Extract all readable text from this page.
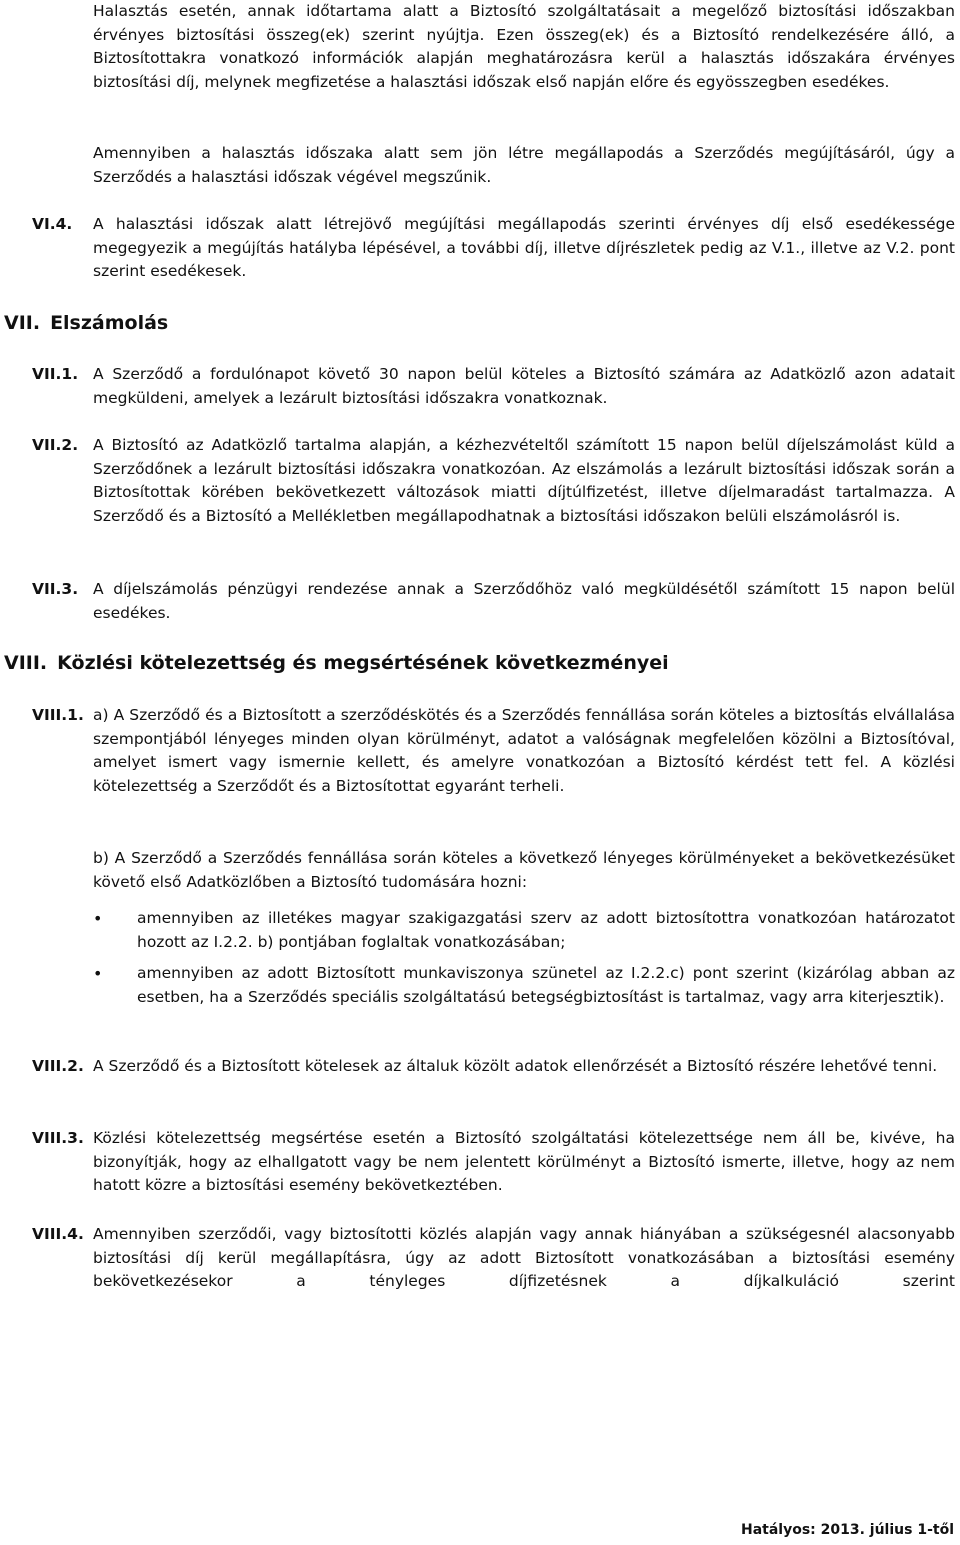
Halasztás esetén, annak időtartama alatt a Biztosító szolgáltatásait a megelőző biztosítási időszakban érvényes biztosítási összeg(ek) szerint nyújtja. Ezen összeg(ek) és a Biztosító rendelkezésére álló, a Biztosítottakra vonatkozó információk alapján meghatározásra kerül a halasztás időszakára érvényes biztosítási díj, melynek megfizetése a halasztási időszak első napján előre és egyösszegben esedékes.

Amennyiben a halasztás időszaka alatt sem jön létre megállapodás a Szerződés megújításáról, úgy a Szerződés a halasztási időszak végével megszűnik.

VI.4. A halasztási időszak alatt létrejövő megújítási megállapodás szerinti érvényes díj első esedékessége megegyezik a megújítás hatályba lépésével, a további díj, illetve díjrészletek pedig az V.1., illetve az V.2. pont szerint esedékesek.

VII. Elszámolás
VII.1. A Szerződő a fordulónapot követő 30 napon belül köteles a Biztosító számára az Adatközlő azon adatait megküldeni, amelyek a lezárult biztosítási időszakra vonatkoznak.

VII.2. A Biztosító az Adatközlő tartalma alapján, a kézhezvételtől számított 15 napon belül díjelszámolást küld a Szerződőnek a lezárult biztosítási időszakra vonatkozóan. Az elszámolás a lezárult biztosítási időszak során a Biztosítottak körében bekövetkezett változások miatti díjtúlfizetést, illetve díjelmaradást tartalmazza. A Szerződő és a Biztosító a Mellékletben megállapodhatnak a biztosítási időszakon belüli elszámolásról is.

VII.3. A díjelszámolás pénzügyi rendezése annak a Szerződőhöz való megküldésétől számított 15 napon belül esedékes.

VIII. Közlési kötelezettség és megsértésének következményei
VIII.1. a) A Szerződő és a Biztosított a szerződéskötés és a Szerződés fennállása során köteles a biztosítás elvállalása szempontjából lényeges minden olyan körülményt, adatot a valóságnak megfelelően közölni a Biztosítóval, amelyet ismert vagy ismernie kellett, és amelyre vonatkozóan a Biztosító kérdést tett fel. A közlési kötelezettség a Szerződőt és a Biztosítottat egyaránt terheli.

b) A Szerződő a Szerződés fennállása során köteles a következő lényeges körülményeket a bekövetkezésüket követő első Adatközlőben a Biztosító tudomására hozni:

• amennyiben az illetékes magyar szakigazgatási szerv az adott biztosítottra vonatkozóan határozatot hozott az I.2.2. b) pontjában foglaltak vonatkozásában;
• amennyiben az adott Biztosított munkaviszonya szünetel az I.2.2.c) pont szerint (kizárólag abban az esetben, ha a Szerződés speciális szolgáltatású betegségbiztosítást is tartalmaz, vagy arra kiterjesztik).
VIII.2. A Szerződő és a Biztosított kötelesek az általuk közölt adatok ellenőrzését a Biztosító részére lehetővé tenni.

VIII.3. Közlési kötelezettség megsértése esetén a Biztosító szolgáltatási kötelezettsége nem áll be, kivéve, ha bizonyítják, hogy az elhallgatott vagy be nem jelentett körülményt a Biztosító ismerte, illetve, hogy az nem hatott közre a biztosítási esemény bekövetkeztében.

VIII.4. Amennyiben szerződői, vagy biztosítotti közlés alapján vagy annak hiányában a szükségesnél alacsonyabb biztosítási díj kerül megállapításra, úgy az adott Biztosított vonatkozásában a biztosítási esemény bekövetkezésekor a tényleges díjfizetésnek a díjkalkuláció szerint

Hatályos: 2013. július 1-től
